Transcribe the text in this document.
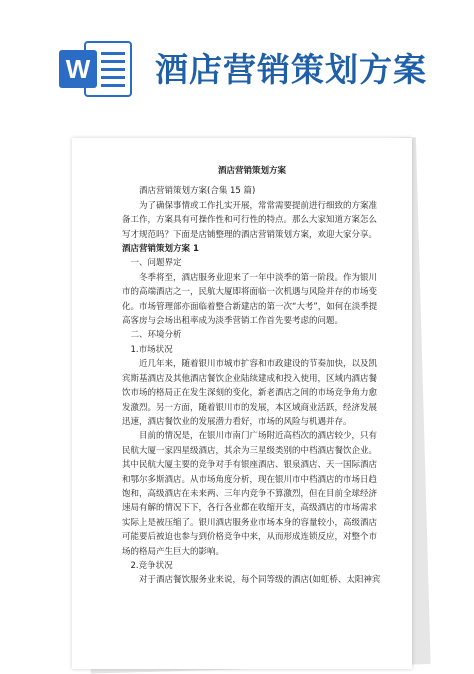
W 酒店营销策划方案

酒店营销策划方案

酒店营销策划方案(合集 15 篇)

为了确保事情或工作扎实开展，常常需要提前进行细致的方案准备工作，方案具有可操作性和可行性的特点。那么大家知道方案怎么写才规范吗？下面是店铺整理的酒店营销策划方案，欢迎大家分享。

酒店营销策划方案 1

一、问题界定

冬季将至，酒店服务业迎来了一年中淡季的第一阶段。作为银川市的高端酒店之一，民航大厦即将面临一次机遇与风险并存的市场变化。市场管理部亦面临着整合新建店的第一次“大考”，如何在淡季提高客房与会场出租率成为淡季营销工作首先要考虑的问题。

二、环境分析

1.市场状况

近几年来，随着银川市城市扩容和市政建设的节奏加快，以及凯宾斯基酒店及其他酒店餐饮企业陆续建成和投入使用，区域内酒店餐饮市场的格局正在发生深刻的变化，新老酒店之间的市场竞争角力愈发激烈。另一方面，随着银川市的发展，本区域商业活跃，经济发展迅速，酒店餐饮业的发展潜力看好，市场的风险与机遇并存。

目前的情况是，在银川市南门广场附近高档次的酒店较少，只有民航大厦一家四星级酒店，其余为三星级类别的中档酒店餐饮企业。其中民航大厦主要的竞争对手有银座酒店、银泉酒店、天一国际酒店和鄂尔多斯酒店。从市场角度分析，现在银川市中档酒店的市场日趋饱和，高级酒店在未来两、三年内竞争不算激烈，但在目前全球经济速局有解的情况下下，各行各业都在收缩开支，高级酒店的市场需求实际上是被压缩了。银川酒店服务业市场本身的容量较小，高级酒店可能要后被迫也参与到价格竞争中来，从而形成连锁反应，对整个市场的格局产生巨大的影响。

2.竞争状况

对于酒店餐饮服务业来说，每个同等级的酒店(如虹桥、太阳神宾
